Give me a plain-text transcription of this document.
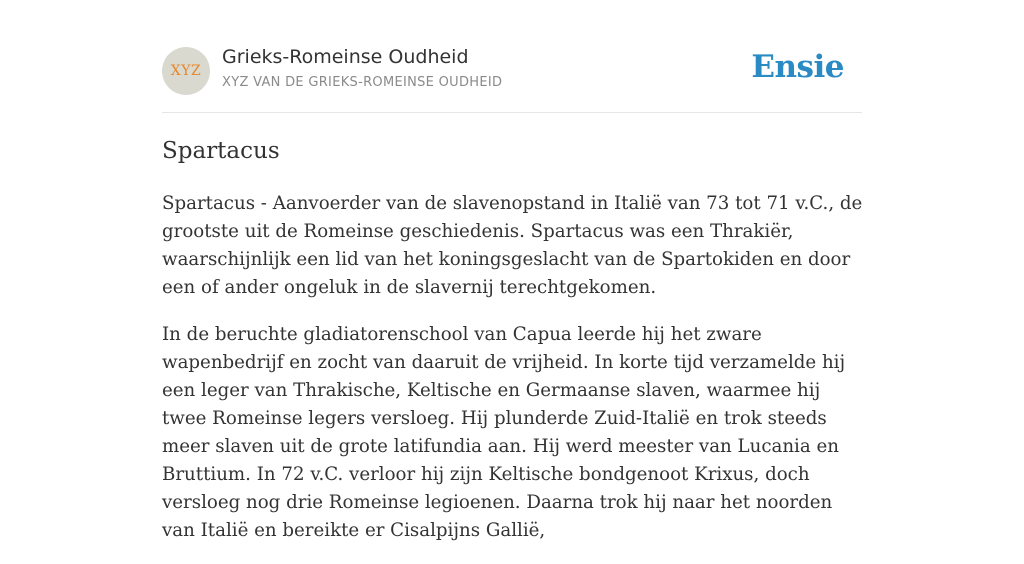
XYZ
Grieks-Romeinse Oudheid
XYZ VAN DE GRIEKS-ROMEINSE OUDHEID	Ensie
Spartacus

Spartacus - Aanvoerder van de slavenopstand in Italië van 73 tot 71 v.C., de grootste uit de Romeinse geschiedenis. Spartacus was een Thrakiër, waarschijnlijk een lid van het koningsgeslacht van de Spartokiden en door een of ander ongeluk in de slavernij terechtgekomen.

In de beruchte gladiatorenschool van Capua leerde hij het zware wapenbedrijf en zocht van daaruit de vrijheid. In korte tijd verzamelde hij een leger van Thrakische, Keltische en Germaanse slaven, waarmee hij twee Romeinse legers versloeg. Hij plunderde Zuid-Italië en trok steeds meer slaven uit de grote latifundia aan. Hij werd meester van Lucania en Bruttium. In 72 v.C. verloor hij zijn Keltische bondgenoot Krixus, doch versloeg nog drie Romeinse legioenen. Daarna trok hij naar het noorden van Italië en bereikte er Cisalpijns Gallië,
